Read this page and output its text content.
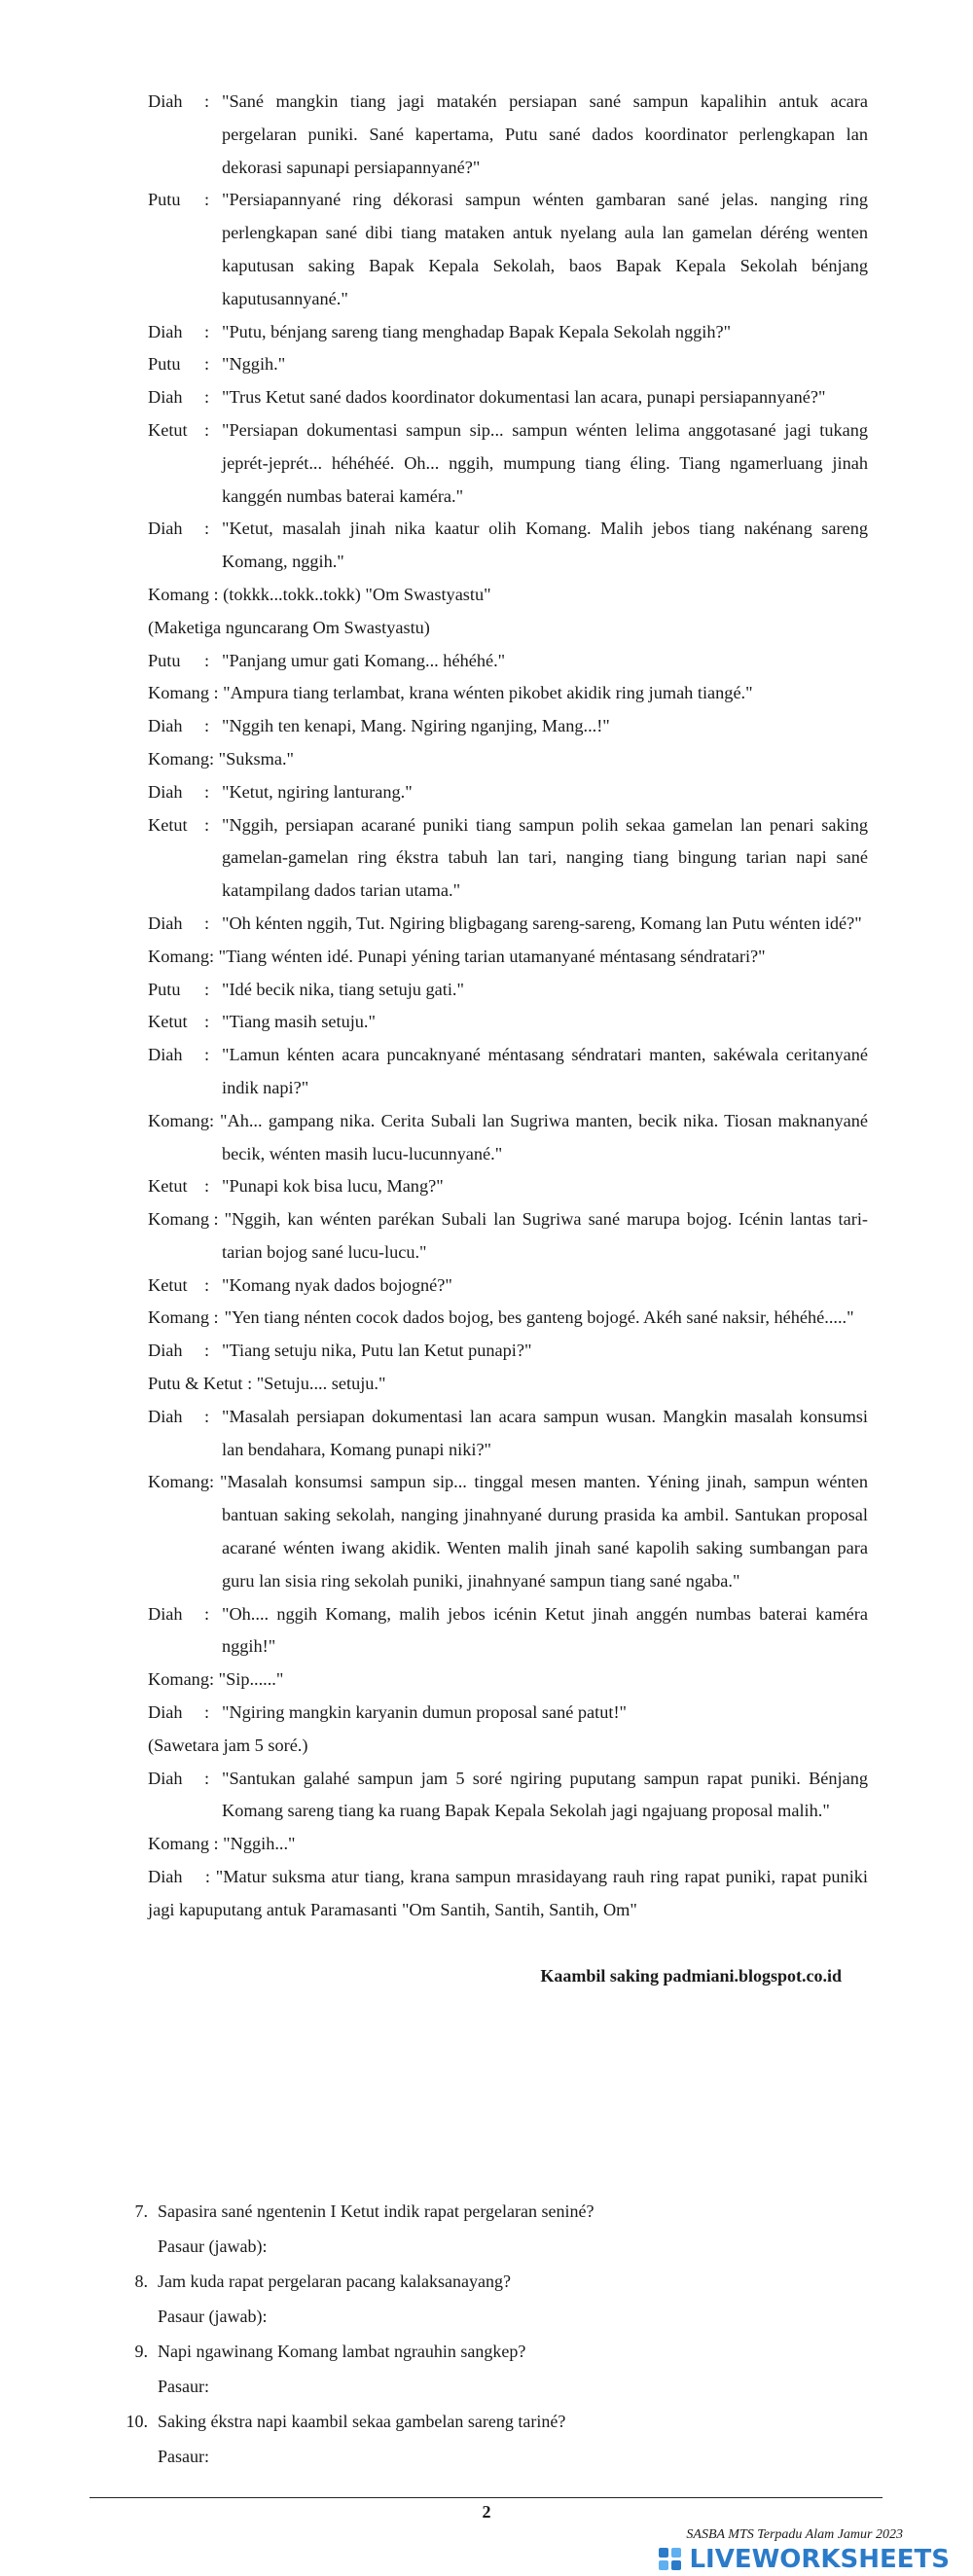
Diah : "Sané mangkin tiang jagi matakén persiapan sané sampun kapalihin antuk acara pergelaran puniki. Sané kapertama, Putu sané dados koordinator perlengkapan lan dekorasi sapunapi persiapannyané?"
Putu : "Persiapannyané ring dékorasi sampun wénten gambaran sané jelas. nanging ring perlengkapan sané dibi tiang mataken antuk nyelang aula lan gamelan déréng wenten kaputusan saking Bapak Kepala Sekolah, baos Bapak Kepala Sekolah bénjang kaputusannyané."
Diah : "Putu, bénjang sareng tiang menghadap Bapak Kepala Sekolah nggih?"
Putu : "Nggih."
Diah : "Trus Ketut sané dados koordinator dokumentasi lan acara, punapi persiapannyané?"
Ketut : "Persiapan dokumentasi sampun sip... sampun wénten lelima anggotasané jagi tukang jeprét-jeprét... héhéhéé. Oh... nggih, mumpung tiang éling. Tiang ngamerluang jinah kanggén numbas baterai kaméra."
Diah : "Ketut, masalah jinah nika kaatur olih Komang. Malih jebos tiang nakénang sareng Komang, nggih."
Komang : (tokkk...tokk..tokk) "Om Swastyastu"
(Maketiga nguncarang Om Swastyastu)
Putu : "Panjang umur gati Komang... héhéhé."
Komang : "Ampura tiang terlambat, krana wénten pikobet akidik ring jumah tiangé."
Diah : "Nggih ten kenapi, Mang. Ngiring nganjing, Mang...!"
Komang: "Suksma."
Diah : "Ketut, ngiring lanturang."
Ketut : "Nggih, persiapan acarané puniki tiang sampun polih sekaa gamelan lan penari saking gamelan-gamelan ring ékstra tabuh lan tari, nanging tiang bingung tarian napi sané katampilang dados tarian utama."
Diah : "Oh kénten nggih, Tut. Ngiring bligbagang sareng-sareng, Komang lan Putu wénten idé?"
Komang: "Tiang wénten idé. Punapi yéning tarian utamanyané méntasang séndratari?"
Putu : "Idé becik nika, tiang setuju gati."
Ketut : "Tiang masih setuju."
Diah : "Lamun kénten acara puncaknyané méntasang séndratari manten, sakéwala ceritanyané indik napi?"
Komang: "Ah... gampang nika. Cerita Subali lan Sugriwa manten, becik nika. Tiosan maknanyané becik, wénten masih lucu-lucunnyané."
Ketut : "Punapi kok bisa lucu, Mang?"
Komang : "Nggih, kan wénten parékan Subali lan Sugriwa sané marupa bojog. Icénin lantas tari-tarian bojog sané lucu-lucu."
Ketut : "Komang nyak dados bojogné?"
Komang : "Yen tiang nénten cocok dados bojog, bes ganteng bojogé. Akéh sané naksir, héhéhé....."
Diah : "Tiang setuju nika, Putu lan Ketut punapi?"
Putu & Ketut : "Setuju.... setuju."
Diah : "Masalah persiapan dokumentasi lan acara sampun wusan. Mangkin masalah konsumsi lan bendahara, Komang punapi niki?"
Komang: "Masalah konsumsi sampun sip... tinggal mesen manten. Yéning jinah, sampun wénten bantuan saking sekolah, nanging jinahnyané durung prasida ka ambil. Santukan proposal acarané wénten iwang akidik. Wenten malih jinah sané kapolih saking sumbangan para guru lan sisia ring sekolah puniki, jinahnyané sampun tiang sané ngaba."
Diah : "Oh.... nggih Komang, malih jebos icénin Ketut jinah anggén numbas baterai kaméra nggih!"
Komang: "Sip......"
Diah : "Ngiring mangkin karyanin dumun proposal sané patut!"
(Sawetara jam 5 soré.)
Diah : "Santukan galahé sampun jam 5 soré ngiring puputang sampun rapat puniki. Bénjang Komang sareng tiang ka ruang Bapak Kepala Sekolah jagi ngajuang proposal malih."
Komang : "Nggih..."
Diah    : "Matur suksma atur tiang, krana sampun mrasidayang rauh ring rapat puniki, rapat puniki jagi kapuputang antuk Paramasanti "Om Santih, Santih, Santih, Om"
Kaambil saking padmiani.blogspot.co.id
7. Sapasira sané ngentenin I Ketut indik rapat pergelaran seniné?
Pasaur (jawab):
8. Jam kuda rapat pergelaran pacang kalaksanayang?
Pasaur (jawab):
9. Napi ngawinang Komang lambat ngrauhin sangkep?
Pasaur:
10. Saking ékstra napi kaambil sekaa gambelan sareng tariné?
Pasaur:
2
SASBA MTS Terpadu Alam Jamur 2023
LIVEWORKSHEETS
